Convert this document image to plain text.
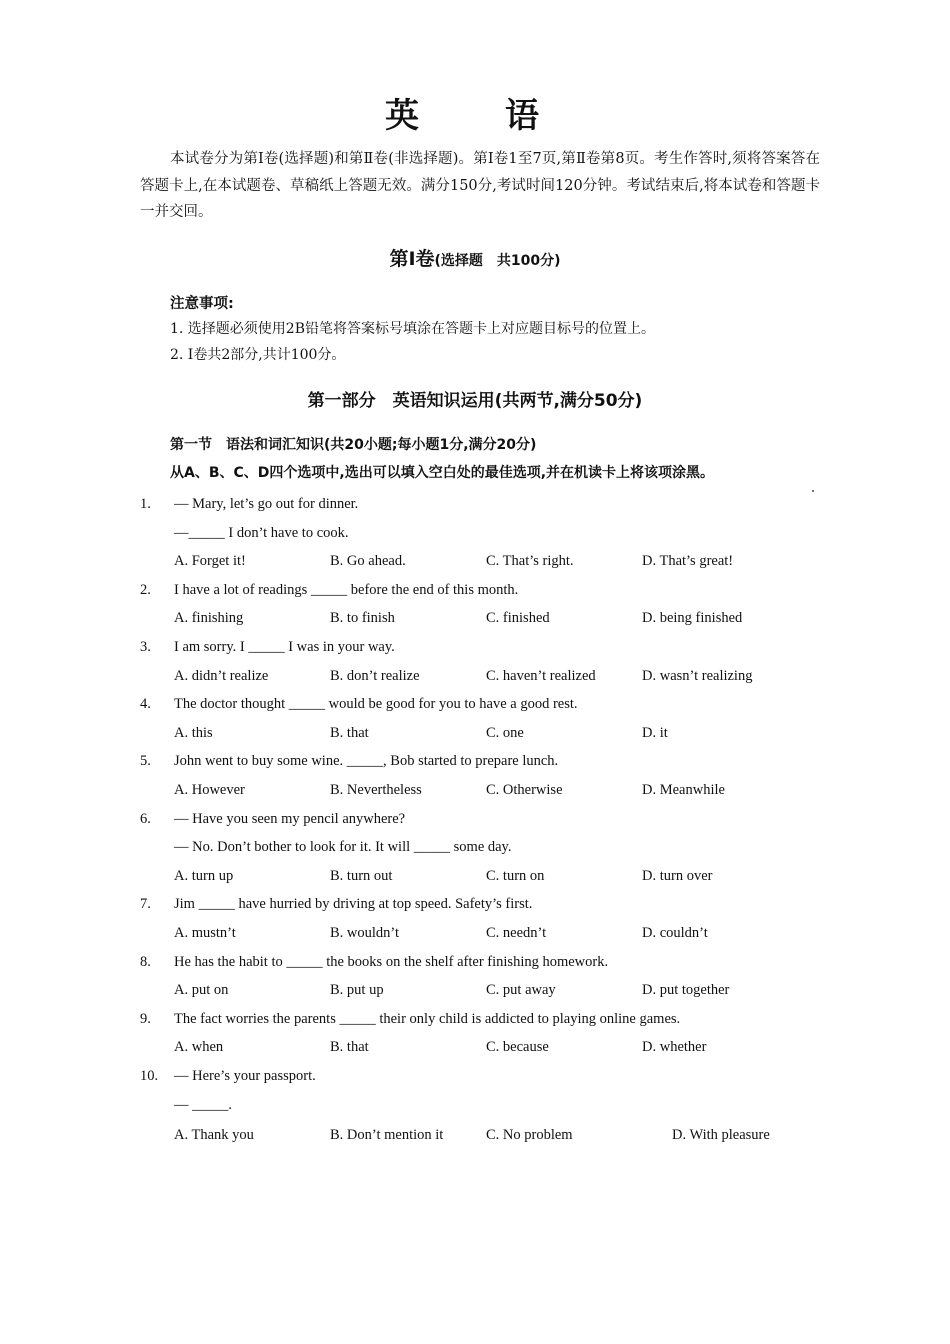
英　语
本试卷分为第Ⅰ卷(选择题)和第Ⅱ卷(非选择题)。第Ⅰ卷1至7页,第Ⅱ卷第8页。考生作答时,须将答案答在答题卡上,在本试题卷、草稿纸上答题无效。满分150分,考试时间120分钟。考试结束后,将本试卷和答题卡一并交回。
第Ⅰ卷(选择题　共100分)
注意事项:
1. 选择题必须使用2B铅笔将答案标号填涂在答题卡上对应题目标号的位置上。
2. Ⅰ卷共2部分,共计100分。
第一部分　英语知识运用(共两节,满分50分)
第一节　语法和词汇知识(共20小题;每小题1分,满分20分)
从A、B、C、D四个选项中,选出可以填入空白处的最佳选项,并在机读卡上将该项涂黑。
1. — Mary, let’s go out for dinner.
—_____ I don’t have to cook.
A. Forget it!	B. Go ahead.	C. That’s right.	D. That’s great!
2. I have a lot of readings _____ before the end of this month.
A. finishing	B. to finish	C. finished	D. being finished
3. I am sorry. I _____ I was in your way.
A. didn’t realize	B. don’t realize	C. haven’t realized	D. wasn’t realizing
4. The doctor thought _____ would be good for you to have a good rest.
A. this	B. that	C. one	D. it
5. John went to buy some wine. _____, Bob started to prepare lunch.
A. However	B. Nevertheless	C. Otherwise	D. Meanwhile
6. — Have you seen my pencil anywhere?
— No. Don’t bother to look for it. It will _____ some day.
A. turn up	B. turn out	C. turn on	D. turn over
7. Jim _____ have hurried by driving at top speed. Safety’s first.
A. mustn’t	B. wouldn’t	C. needn’t	D. couldn’t
8. He has the habit to _____ the books on the shelf after finishing homework.
A. put on	B. put up	C. put away	D. put together
9. The fact worries the parents _____ their only child is addicted to playing online games.
A. when	B. that	C. because	D. whether
10. — Here’s your passport.
— _____.
A. Thank you	B. Don’t mention it	C. No problem	D. With pleasure
